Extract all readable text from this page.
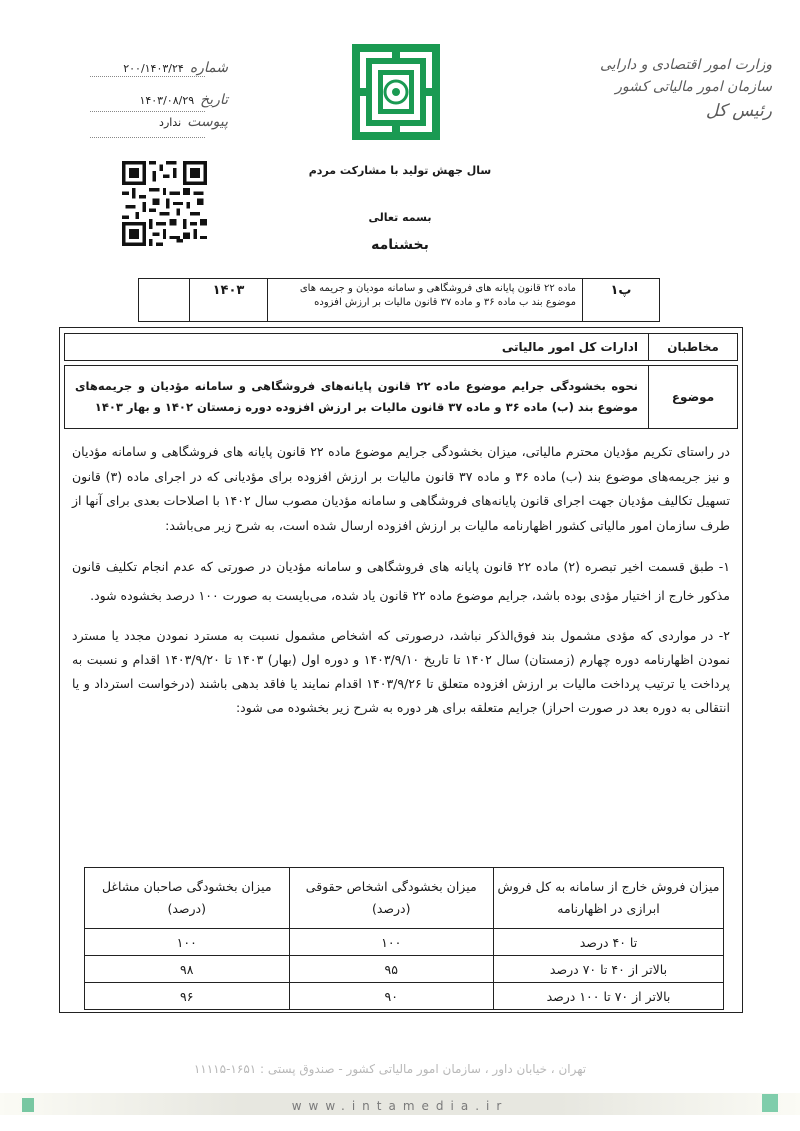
وزارت امور اقتصادی و دارایی
سازمان امور مالیاتی کشور
رئیس کل
شماره
۲۰۰/۱۴۰۳/۲۴
تاریخ
۱۴۰۳/۰۸/۲۹
پیوست
ندارد
سال جهش تولید با مشارکت مردم
بسمه تعالی
بخشنامه
پ۱
ماده ۲۲ قانون پایانه های فروشگاهی و سامانه مودیان و جریمه های موضوع بند ب ماده ۳۶ و ماده ۳۷ قانون مالیات بر ارزش افزوده
۱۴۰۳
مخاطبان
ادارات کل امور مالیاتی
موضوع
نحوه بخشودگی جرایم موضوع ماده ۲۲ قانون پایانه‌های فروشگاهی و سامانه مؤدیان و جریمه‌های موضوع بند (ب) ماده ۳۶ و ماده ۳۷ قانون مالیات بر ارزش افزوده دوره زمستان ۱۴۰۲ و بهار ۱۴۰۳
در راستای تکریم مؤدیان محترم مالیاتی، میزان بخشودگی جرایم موضوع ماده ۲۲ قانون پایانه های فروشگاهی و سامانه مؤدیان و نیز جریمه‌های موضوع بند (ب) ماده ۳۶ و ماده ۳۷ قانون مالیات بر ارزش افزوده برای مؤدیانی که در اجرای ماده (۳) قانون تسهیل تکالیف مؤدیان جهت اجرای قانون پایانه‌های فروشگاهی و سامانه مؤدیان مصوب سال ۱۴۰۲ با اصلاحات بعدی برای آنها از طرف سازمان امور مالیاتی کشور اظهارنامه مالیات بر ارزش افزوده ارسال شده است، به شرح زیر می‌باشد:
۱- طبق قسمت اخیر تبصره (۲) ماده ۲۲ قانون پایانه های فروشگاهی و سامانه مؤدیان در صورتی که عدم انجام تکلیف قانون مذکور خارج از اختیار مؤدی بوده باشد، جرایم موضوع ماده ۲۲ قانون یاد شده، می‌بایست به صورت ۱۰۰ درصد بخشوده شود.
۲- در مواردی که مؤدی مشمول بند فوق‌الذکر نباشد، درصورتی که اشخاص مشمول نسبت به مسترد نمودن مجدد یا مسترد نمودن اظهارنامه دوره چهارم (زمستان) سال ۱۴۰۲ تا تاریخ ۱۴۰۳/۹/۱۰ و دوره اول (بهار) ۱۴۰۳ تا ۱۴۰۳/۹/۲۰ اقدام و نسبت به پرداخت یا ترتیب پرداخت مالیات بر ارزش افزوده متعلق تا ۱۴۰۳/۹/۲۶ اقدام نمایند یا فاقد بدهی باشند (درخواست استرداد و یا انتقالی به دوره بعد در صورت احراز) جرایم متعلقه برای هر دوره به شرح زیر بخشوده می شود:
میزان فروش خارج از سامانه به کل فروش ابرازی در اظهارنامه	میزان بخشودگی اشخاص حقوقی (درصد)	میزان بخشودگی صاحبان مشاغل (درصد)
تا ۴۰ درصد	۱۰۰	۱۰۰
بالاتر از ۴۰ تا ۷۰ درصد	۹۵	۹۸
بالاتر از ۷۰ تا ۱۰۰ درصد	۹۰	۹۶
تهران ، خیابان داور ، سازمان امور مالیاتی کشور - صندوق پستی : ۱۶۵۱-۱۱۱۱۵
www.intamedia.ir
